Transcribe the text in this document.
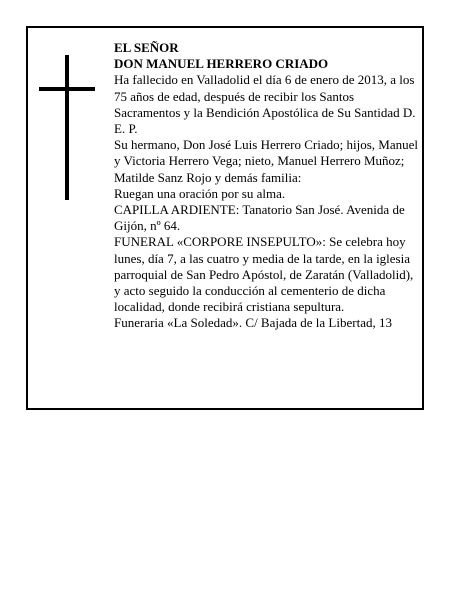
EL SEÑOR

DON MANUEL HERRERO CRIADO

Ha fallecido en Valladolid el día 6 de enero de 2013, a los 75 años de edad, después de recibir los Santos Sacramentos y la Bendición Apostólica de Su Santidad D. E. P.

Su hermano, Don José Luis Herrero Criado; hijos, Manuel y Victoria Herrero Vega; nieto, Manuel Herrero Muñoz; Matilde Sanz Rojo y demás familia:

Ruegan una oración por su alma.

CAPILLA ARDIENTE: Tanatorio San José. Avenida de Gijón, nº 64.

FUNERAL «CORPORE INSEPULTO»: Se celebra hoy lunes, día 7, a las cuatro y media de la tarde, en la iglesia parroquial de San Pedro Apóstol, de Zaratán (Valladolid), y acto seguido la conducción al cementerio de dicha localidad, donde recibirá cristiana sepultura.

Funeraria «La Soledad». C/ Bajada de la Libertad, 13
